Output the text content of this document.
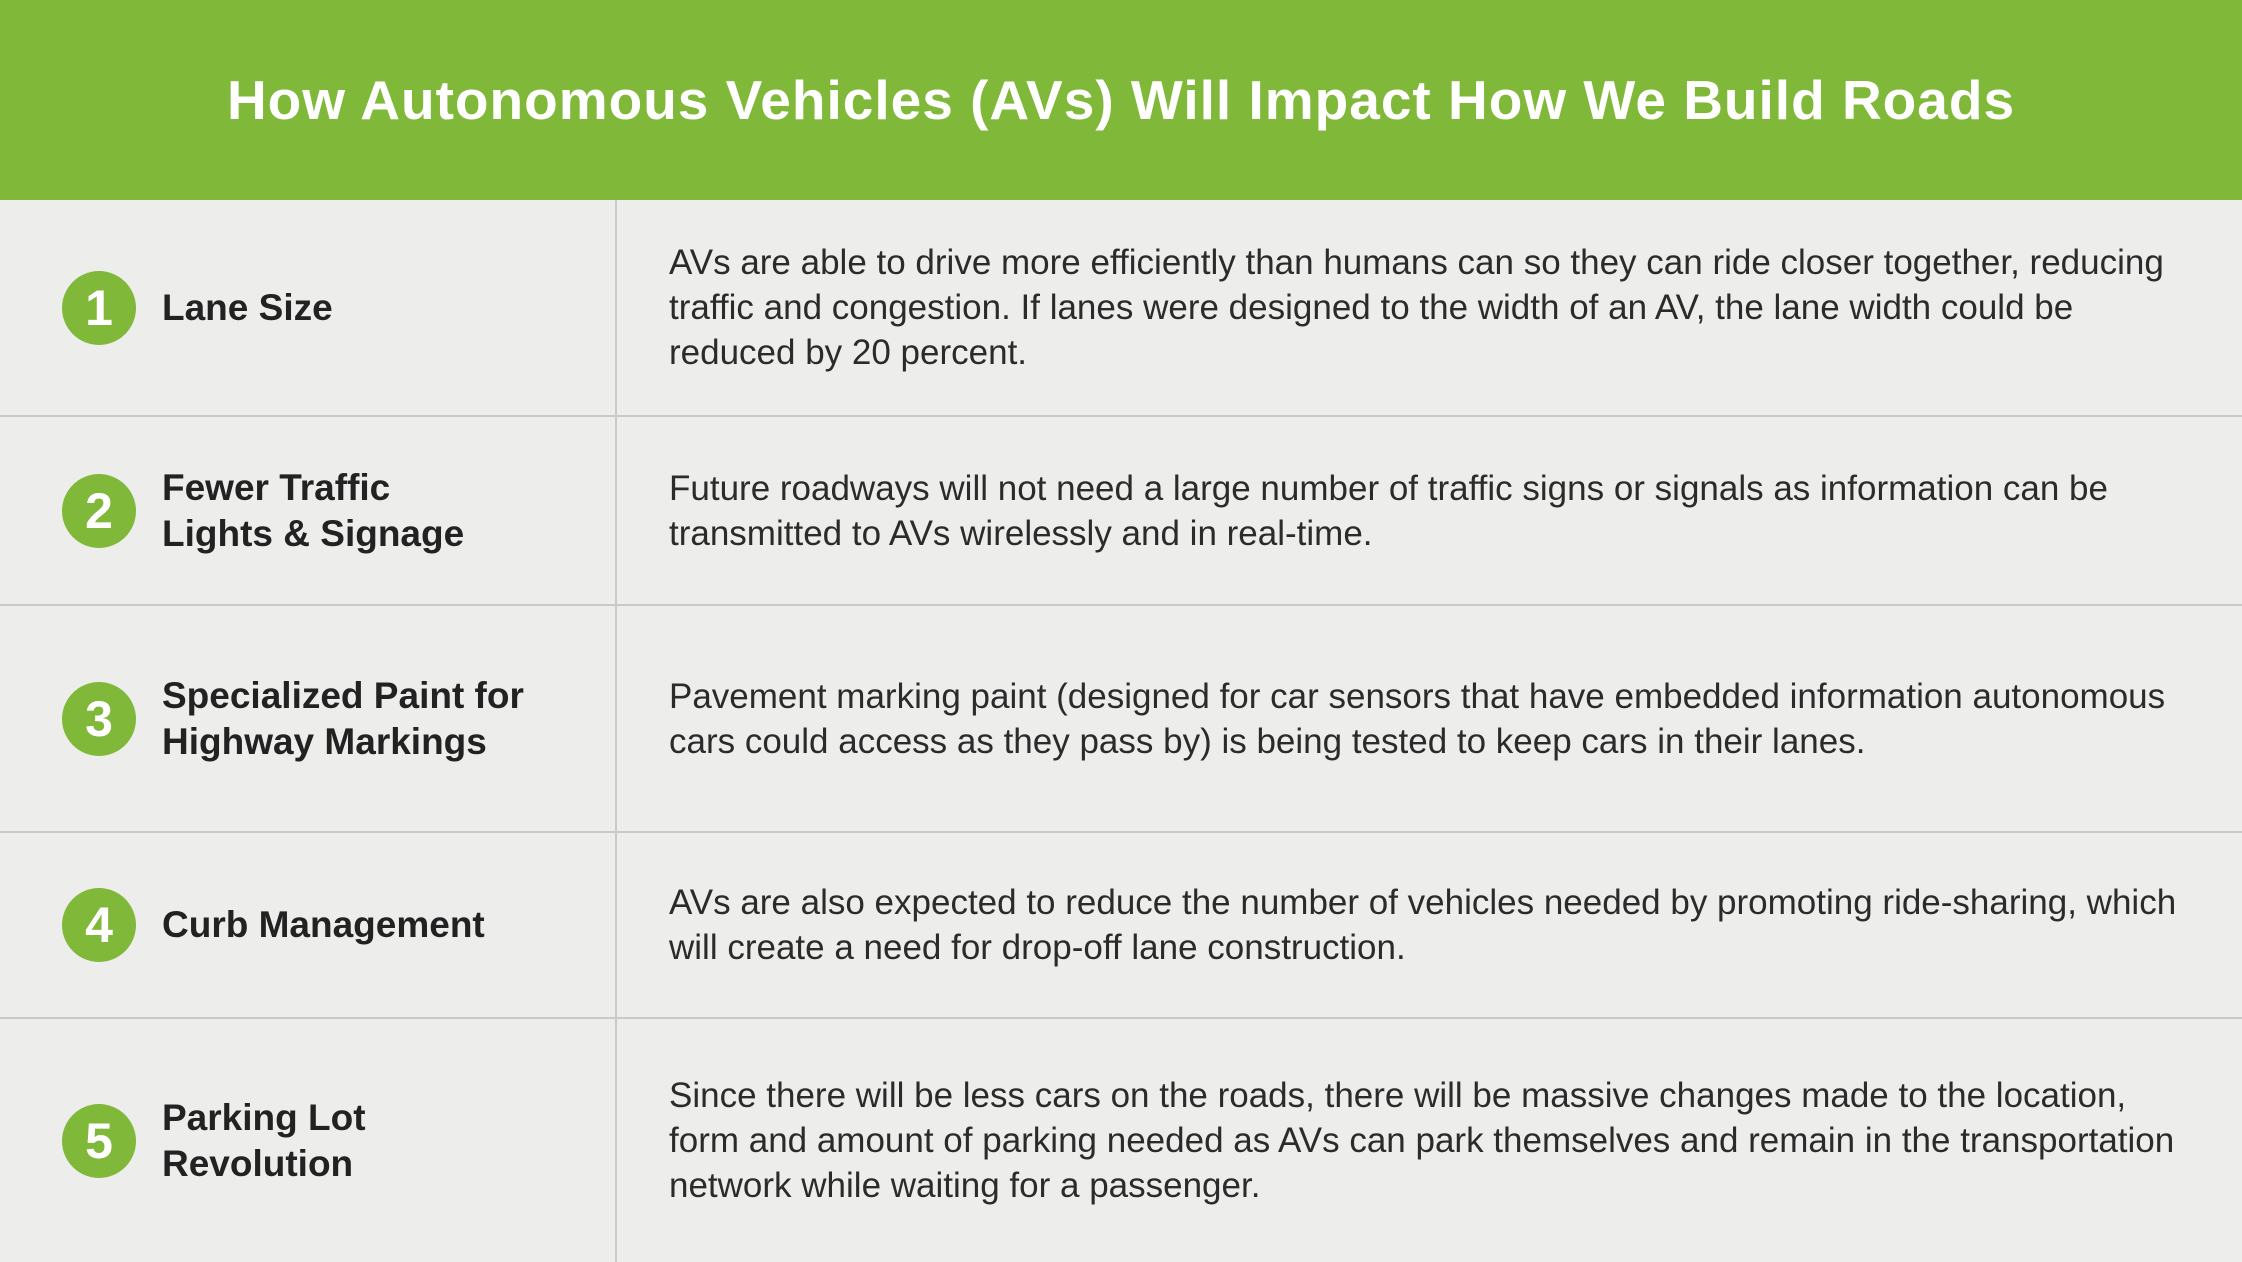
How Autonomous Vehicles (AVs) Will Impact How We Build Roads
1	Lane Size
AVs are able to drive more efficiently than humans can so they can ride closer together, reducing traffic and congestion. If lanes were designed to the width of an AV, the lane width could be reduced by 20 percent.
2	Fewer Traffic
Lights & Signage
Future roadways will not need a large number of traffic signs or signals as information can be transmitted to AVs wirelessly and in real-time.
3	Specialized Paint for
Highway Markings
Pavement marking paint (designed for car sensors that have embedded information autonomous cars could access as they pass by) is being tested to keep cars in their lanes.
4	Curb Management
AVs are also expected to reduce the number of vehicles needed by promoting ride-sharing, which will create a need for drop-off lane construction.
5	Parking Lot
Revolution
Since there will be less cars on the roads, there will be massive changes made to the location, form and amount of parking needed as AVs can park themselves and remain in the transportation network while waiting for a passenger.
